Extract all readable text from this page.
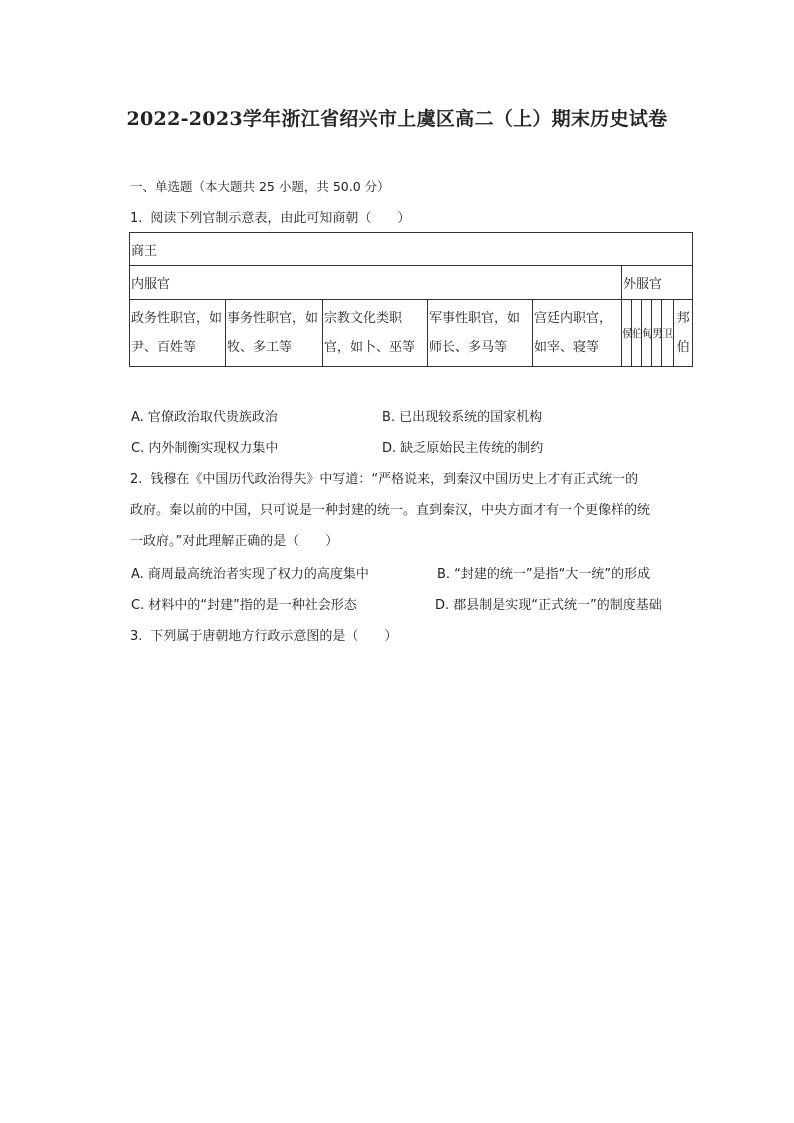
2022-2023学年浙江省绍兴市上虞区高二（上）期末历史试卷
一、单选题（本大题共 25 小题，共 50.0 分）
1. 阅读下列官制示意表，由此可知商朝（　　）
商王										
内服官					外服官					
政务性职官，如尹、百姓等	事务性职官，如牧、多工等	宗教文化类职官，如卜、巫等	军事性职官，如师长、多马等	宫廷内职官，如宰、寝等	侯	伯	甸	男	卫	邦伯
A. 官僚政治取代贵族政治	B. 已出现较系统的国家机构
C. 内外制衡实现权力集中	D. 缺乏原始民主传统的制约
2. 钱穆在《中国历代政治得失》中写道：“严格说来，到秦汉中国历史上才有正式统一的
政府。秦以前的中国，只可说是一种封建的统一。直到秦汉，中央方面才有一个更像样的统
一政府。”对此理解正确的是（　　）
A. 商周最高统治者实现了权力的高度集中	B. “封建的统一”是指“大一统”的形成
C. 材料中的“封建”指的是一种社会形态	D. 郡县制是实现“正式统一”的制度基础
3. 下列属于唐朝地方行政示意图的是（　　）
